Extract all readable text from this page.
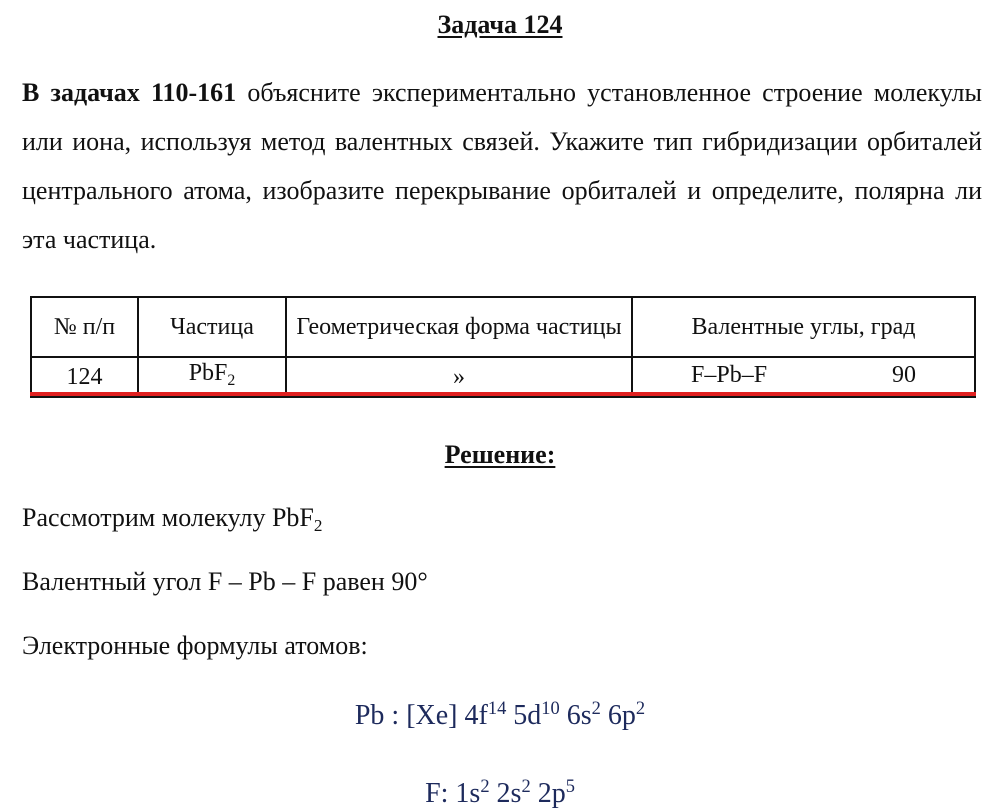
Задача 124
В задачах 110-161 объясните экспериментально установленное строение молекулы или иона, используя метод валентных связей. Укажите тип гибридизации орбиталей центрального атома, изобразите перекрывание орбиталей и определите, полярна ли эта частица.
№ п/п	Частица	Геометрическая форма частицы	Валентные углы, град
124	PbF$_2$	»	F–Pb–F 90
Решение:
Рассмотрим молекулу PbF$_2$
Валентный угол F – Pb – F равен 90°
Электронные формулы атомов:
Pb : [Xe] $4f^{14}$ $5d^{10}$ $6s^2$ $6p^2$
F: $1s^2$ $2s^2$ $2p^5$
